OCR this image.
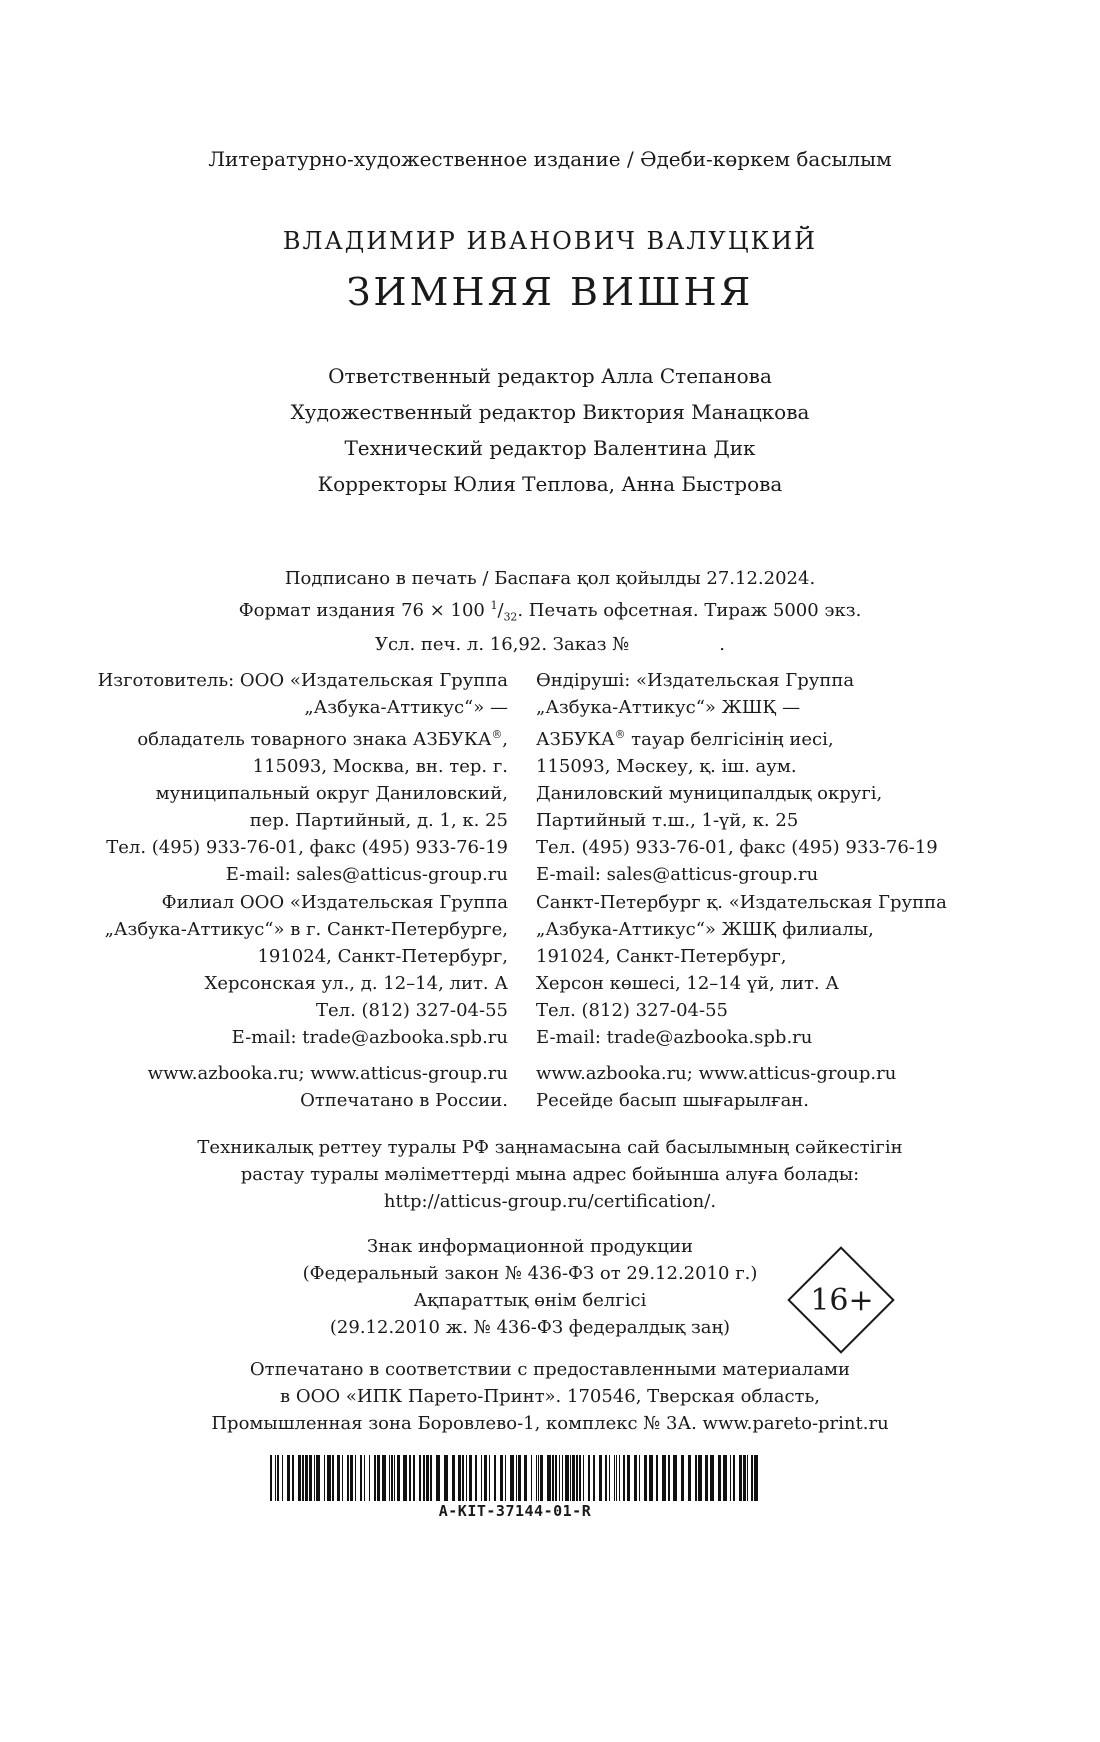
Литературно-художественное издание / Әдеби-көркем басылым
ВЛАДИМИР ИВАНОВИЧ ВАЛУЦКИЙ
ЗИМНЯЯ ВИШНЯ
Ответственный редактор Алла Степанова
Художественный редактор Виктория Манацкова
Технический редактор Валентина Дик
Корректоры Юлия Теплова, Анна Быстрова
Подписано в печать / Баспаға қол қойылды 27.12.2024.
Формат издания 76 × 100 $^1/_{32}$. Печать офсетная. Тираж 5000 экз.
Усл. печ. л. 16,92. Заказ №	.
Изготовитель: ООО «Издательская Группа
„Азбука-Аттикус“» —
обладатель товарного знака АЗБУКА®,
115093, Москва, вн. тер. г.
муниципальный округ Даниловский,
пер. Партийный, д. 1, к. 25
Тел. (495) 933-76-01, факс (495) 933-76-19
E-mail: sales@atticus-group.ru
Өндіруші: «Издательская Группа
„Азбука-Аттикус“» ЖШҚ —
АЗБУКА® тауар белгісінің иесі,
115093, Мәскеу, қ. іш. аум.
Даниловский муниципалдық округі,
Партийный т.ш., 1-үй, к. 25
Тел. (495) 933-76-01, факс (495) 933-76-19
E-mail: sales@atticus-group.ru
Филиал ООО «Издательская Группа
„Азбука-Аттикус“» в г. Санкт-Петербурге,
191024, Санкт-Петербург,
Херсонская ул., д. 12–14, лит. А
Тел. (812) 327-04-55
E-mail: trade@azbooka.spb.ru
Санкт-Петербург қ. «Издательская Группа
„Азбука-Аттикус“» ЖШҚ филиалы,
191024, Санкт-Петербург,
Херсон көшесі, 12–14 үй, лит. А
Тел. (812) 327-04-55
E-mail: trade@azbooka.spb.ru
www.azbooka.ru; www.atticus-group.ru
Отпечатано в России.
www.azbooka.ru; www.atticus-group.ru
Ресейде басып шығарылған.
Техникалық реттеу туралы РФ заңнамасына сай басылымның сәйкестігін
растау туралы мәліметтерді мына адрес бойынша алуға болады:
http://atticus-group.ru/certification/.
Знак информационной продукции
(Федеральный закон № 436-ФЗ от 29.12.2010 г.)
Ақпараттық өнім белгісі
(29.12.2010 ж. № 436-ФЗ федералдық заң)
16+
Отпечатано в соответствии с предоставленными материалами
в ООО «ИПК Парето-Принт». 170546, Тверская область,
Промышленная зона Боровлево-1, комплекс № 3А. www.pareto-print.ru
A-KIT-37144-01-R
